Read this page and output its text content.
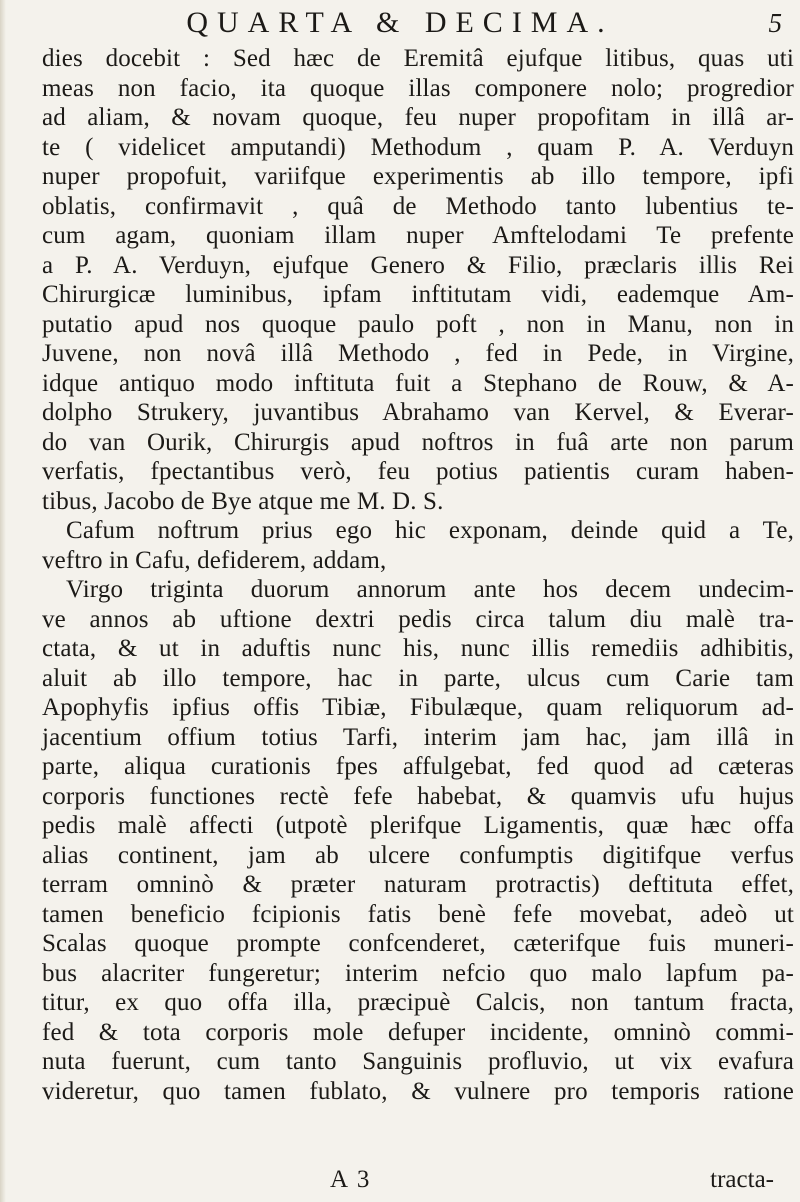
QUARTA & DECIMA.	5
dies docebit : Sed hæc de Eremitâ ejufque litibus, quas uti
meas non facio, ita quoque illas componere nolo; progredior
ad aliam, & novam quoque, feu nuper propofitam in illâ ar-
te ( videlicet amputandi) Methodum , quam P. A. Verduyn
nuper propofuit, variifque experimentis ab illo tempore, ipfi
oblatis, confirmavit , quâ de Methodo tanto lubentius te-
cum agam, quoniam illam nuper Amftelodami Te prefente
a P. A. Verduyn, ejufque Genero & Filio, præclaris illis Rei
Chirurgicæ luminibus, ipfam inftitutam vidi, eademque Am-
putatio apud nos quoque paulo poft , non in Manu, non in
Juvene, non novâ illâ Methodo , fed in Pede, in Virgine,
idque antiquo modo inftituta fuit a Stephano de Rouw, & A-
dolpho Strukery, juvantibus Abrahamo van Kervel, & Everar-
do van Ourik, Chirurgis apud noftros in fuâ arte non parum
verfatis, fpectantibus verò, feu potius patientis curam haben-
tibus, Jacobo de Bye atque me M. D. S.
Cafum noftrum prius ego hic exponam, deinde quid a Te,
veftro in Cafu, defiderem, addam,
Virgo triginta duorum annorum ante hos decem undecim-
ve annos ab uftione dextri pedis circa talum diu malè tra-
ctata, & ut in aduftis nunc his, nunc illis remediis adhibitis,
aluit ab illo tempore, hac in parte, ulcus cum Carie tam
Apophyfis ipfius offis Tibiæ, Fibulæque, quam reliquorum ad-
jacentium offium totius Tarfi, interim jam hac, jam illâ in
parte, aliqua curationis fpes affulgebat, fed quod ad cæteras
corporis functiones rectè fefe habebat, & quamvis ufu hujus
pedis malè affecti (utpotè plerifque Ligamentis, quæ hæc offa
alias continent, jam ab ulcere confumptis digitifque verfus
terram omninò & præter naturam protractis) deftituta effet,
tamen beneficio fcipionis fatis benè fefe movebat, adeò ut
Scalas quoque prompte confcenderet, cæterifque fuis muneri-
bus alacriter fungeretur; interim nefcio quo malo lapfum pa-
titur, ex quo offa illa, præcipuè Calcis, non tantum fracta,
fed & tota corporis mole defuper incidente, omninò commi-
nuta fuerunt, cum tanto Sanguinis profluvio, ut vix evafura
videretur, quo tamen fublato, & vulnere pro temporis ratione
A 3	tracta-
